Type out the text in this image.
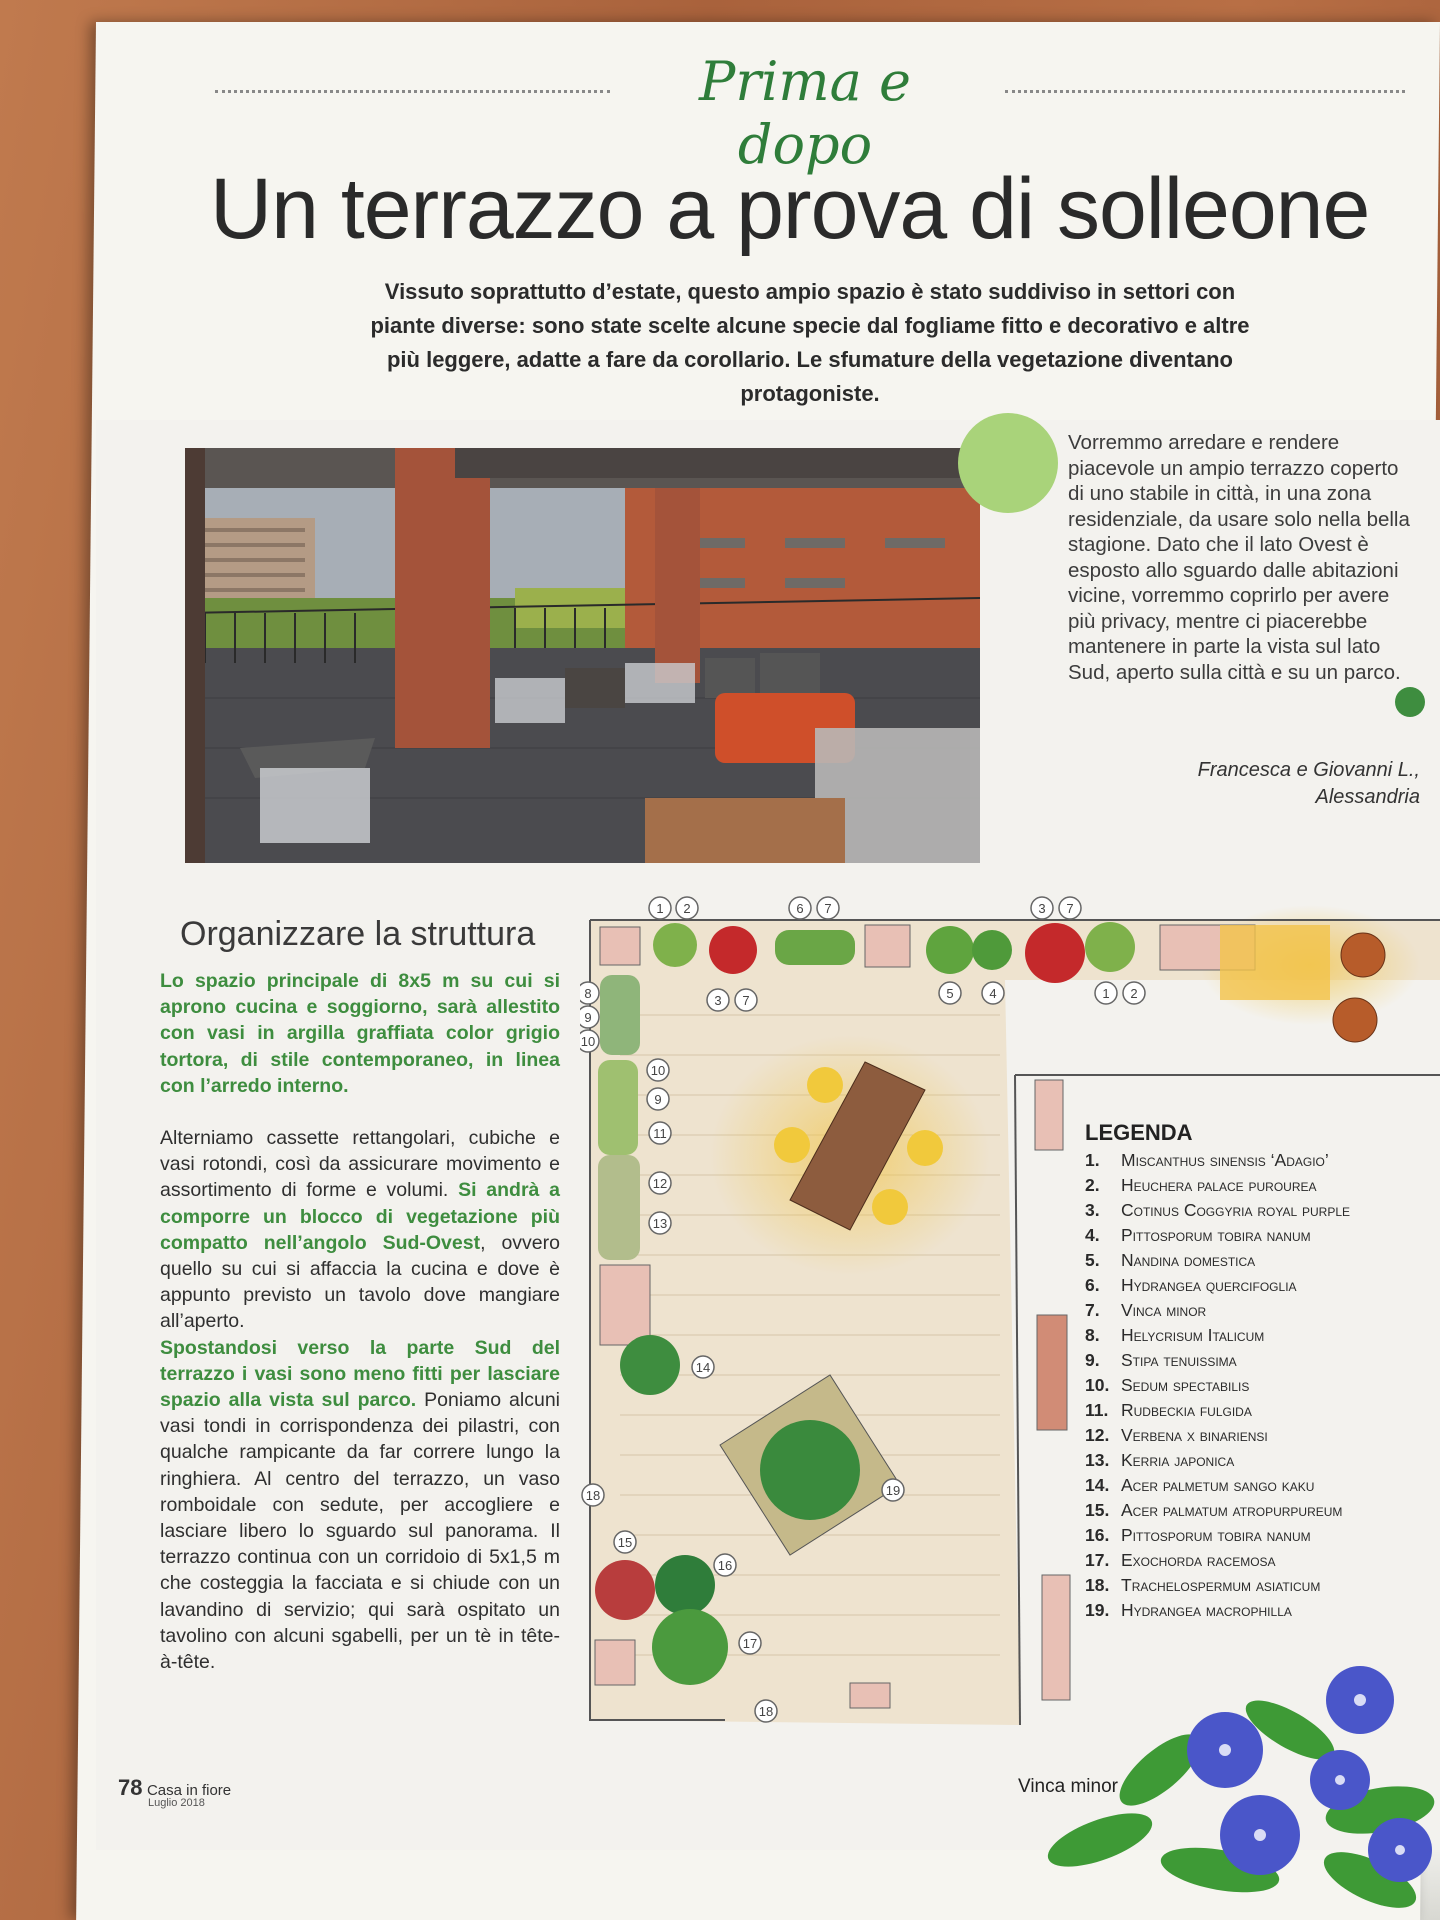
Prima e dopo
Un terrazzo a prova di solleone
Vissuto soprattutto d’estate, questo ampio spazio è stato suddiviso in settori con piante diverse: sono state scelte alcune specie dal fogliame fitto e decorativo e altre più leggere, adatte a fare da corollario. Le sfumature della vegetazione diventano protagoniste.

Vorremmo arredare e rendere piacevole un ampio terrazzo coperto di uno stabile in città, in una zona residenziale, da usare solo nella bella stagione. Dato che il lato Ovest è esposto allo sguardo dalle abitazioni vicine, vorremmo coprirlo per avere più privacy, mentre ci piacerebbe mantenere in parte la vista sul lato Sud, aperto sulla città e su un parco.

Francesca e Giovanni L.,
Alessandria
Organizzare la struttura

Lo spazio principale di 8x5 m su cui si aprono cucina e soggiorno, sarà allestito con vasi in argilla graffiata color grigio tortora, di stile contemporaneo, in linea con l’arredo interno.

Alterniamo cassette rettangolari, cubiche e vasi rotondi, così da assicurare movimento e assortimento di forme e volumi. Si andrà a comporre un blocco di vegetazione più compatto nell’angolo Sud-Ovest, ovvero quello su cui si affaccia la cucina e dove è appunto previsto un tavolo dove mangiare all’aperto.

Spostandosi verso la parte Sud del terrazzo i vasi sono meno fitti per lasciare spazio alla vista sul parco. Poniamo alcuni vasi tondi in corrispondenza dei pilastri, con qualche rampicante da far correre lungo la ringhiera. Al centro del terrazzo, un vaso romboidale con sedute, per accogliere e lasciare libero lo sguardo sul panorama. Il terrazzo continua con un corridoio di 5x1,5 m che costeggia la facciata e si chiude con un lavandino di servizio; qui sarà ospitato un tavolino con alcuni sgabelli, per un tè in tête-à-tête.

1 2	6 7	3 7
3 7	5	4	1 2
8
9
10
10
9
11
12
13
14
18
15
16
17
18
19
LEGENDA
1. Miscanthus sinensis ‘Adagio’
2. Heuchera palace purourea
3. Cotinus Coggyria royal purple
4. Pittosporum tobira nanum
5. Nandina domestica
6. Hydrangea quercifoglia
7. Vinca minor
8. Helycrisum Italicum
9. Stipa tenuissima
10. Sedum spectabilis
11. Rudbeckia fulgida
12. Verbena x binariensi
13. Kerria japonica
14. Acer palmetum sango kaku
15. Acer palmatum atropurpureum
16. Pittosporum tobira nanum
17. Exochorda racemosa
18. Trachelospermum asiaticum
19. Hydrangea macrophilla
Vinca minor
78 Casa in fiore
Luglio 2018
